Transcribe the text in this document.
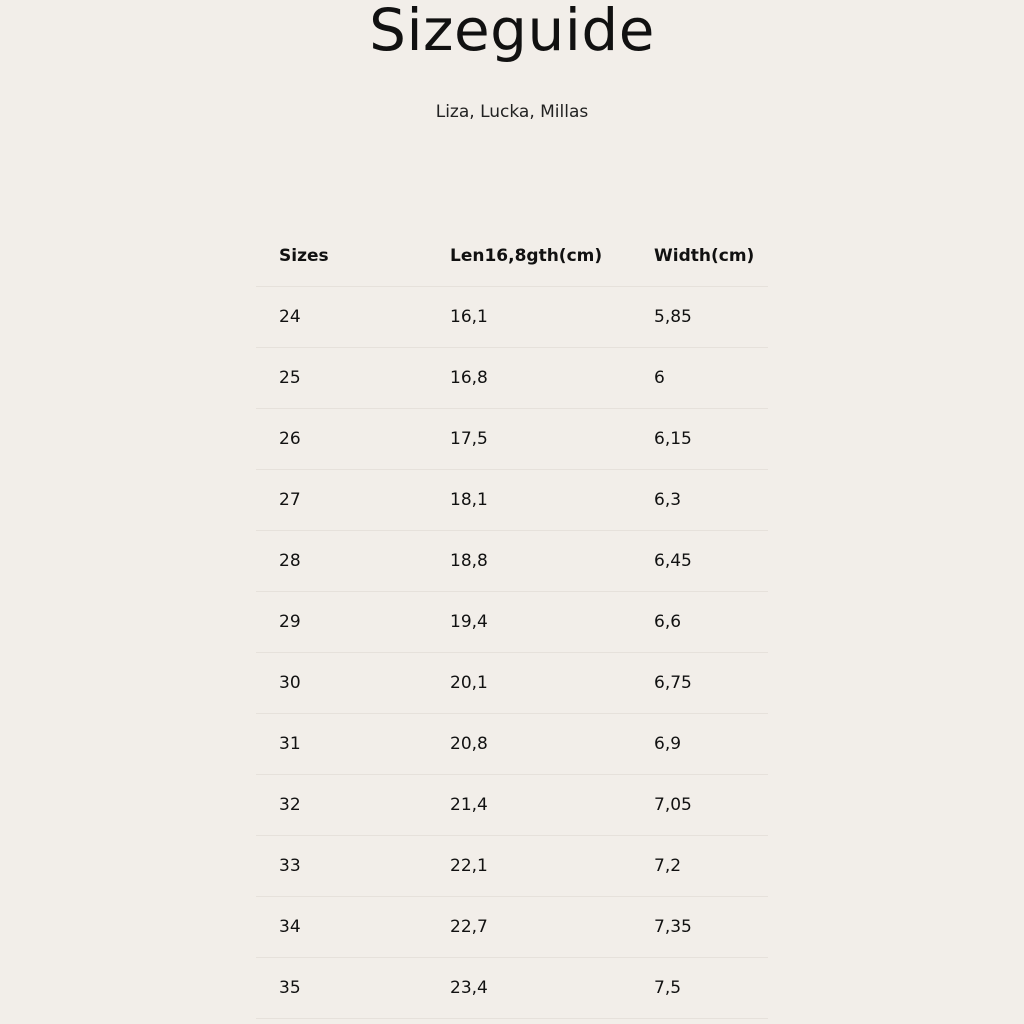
Sizeguide
Liza, Lucka, Millas
Sizes	Len16,8gth(cm)	Width(cm)
24	16,1	5,85
25	16,8	6
26	17,5	6,15
27	18,1	6,3
28	18,8	6,45
29	19,4	6,6
30	20,1	6,75
31	20,8	6,9
32	21,4	7,05
33	22,1	7,2
34	22,7	7,35
35	23,4	7,5
